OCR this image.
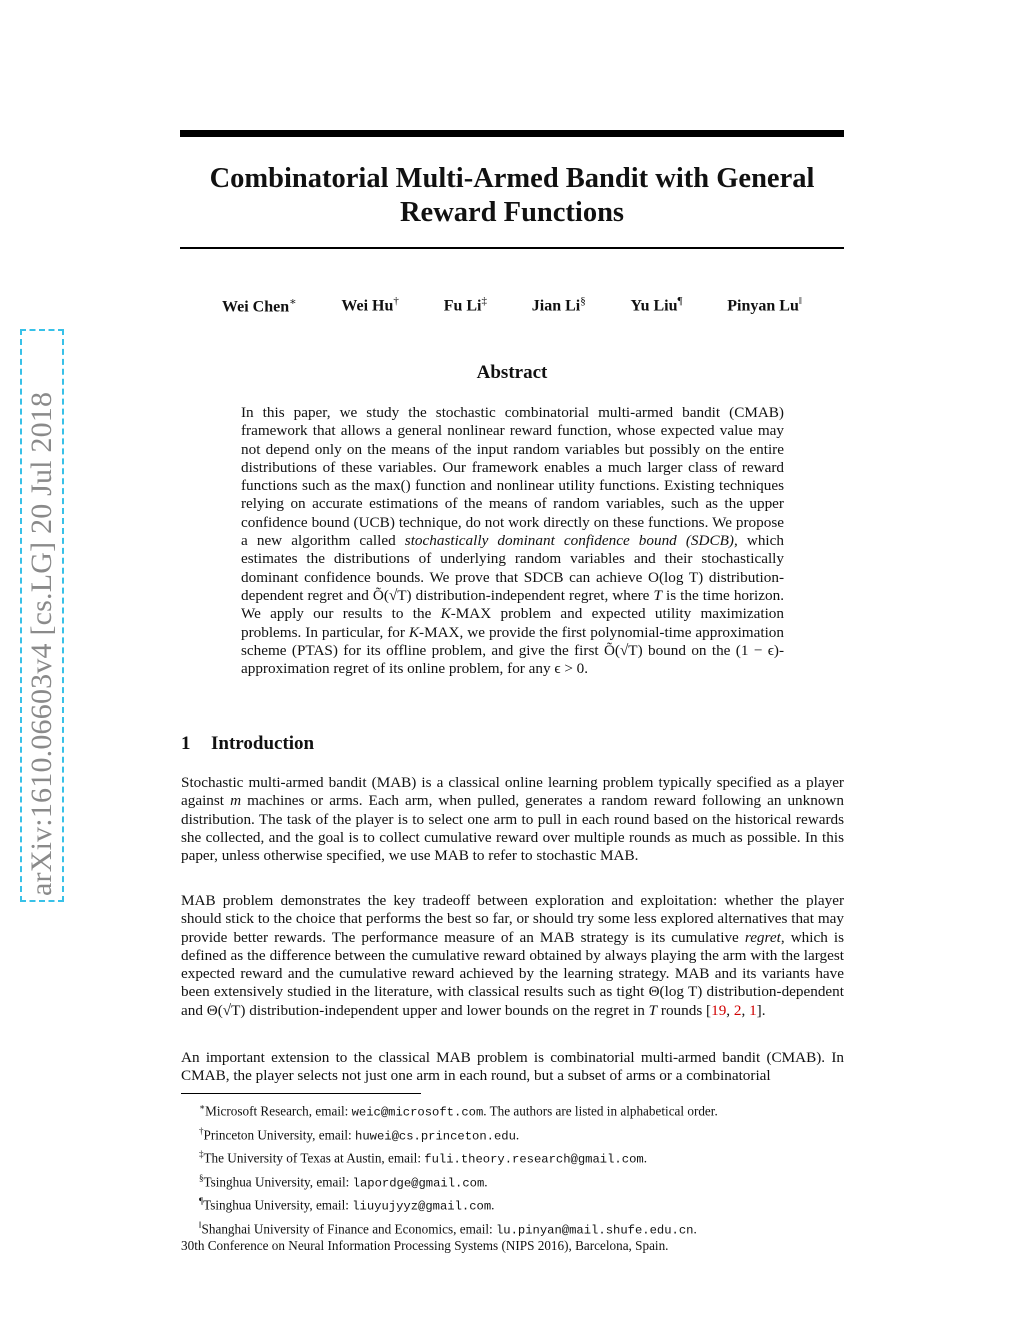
arXiv:1610.06603v4 [cs.LG] 20 Jul 2018
Combinatorial Multi-Armed Bandit with General Reward Functions
Wei Chen∗	Wei Hu†	Fu Li‡	Jian Li§	Yu Liu¶	Pinyan Lu‖
Abstract
In this paper, we study the stochastic combinatorial multi-armed bandit (CMAB) framework that allows a general nonlinear reward function, whose expected value may not depend only on the means of the input random variables but possibly on the entire distributions of these variables. Our framework enables a much larger class of reward functions such as the max() function and nonlinear utility functions. Existing techniques relying on accurate estimations of the means of random variables, such as the upper confidence bound (UCB) technique, do not work directly on these functions. We propose a new algorithm called stochastically dominant confidence bound (SDCB), which estimates the distributions of underlying random variables and their stochastically dominant confidence bounds. We prove that SDCB can achieve O(log T) distribution-dependent regret and Õ(√T) distribution-independent regret, where T is the time horizon. We apply our results to the K-MAX problem and expected utility maximization problems. In particular, for K-MAX, we provide the first polynomial-time approximation scheme (PTAS) for its offline problem, and give the first Õ(√T) bound on the (1 − ϵ)-approximation regret of its online problem, for any ϵ > 0.
1 Introduction
Stochastic multi-armed bandit (MAB) is a classical online learning problem typically specified as a player against m machines or arms. Each arm, when pulled, generates a random reward following an unknown distribution. The task of the player is to select one arm to pull in each round based on the historical rewards she collected, and the goal is to collect cumulative reward over multiple rounds as much as possible. In this paper, unless otherwise specified, we use MAB to refer to stochastic MAB.
MAB problem demonstrates the key tradeoff between exploration and exploitation: whether the player should stick to the choice that performs the best so far, or should try some less explored alternatives that may provide better rewards. The performance measure of an MAB strategy is its cumulative regret, which is defined as the difference between the cumulative reward obtained by always playing the arm with the largest expected reward and the cumulative reward achieved by the learning strategy. MAB and its variants have been extensively studied in the literature, with classical results such as tight Θ(log T) distribution-dependent and Θ(√T) distribution-independent upper and lower bounds on the regret in T rounds [19, 2, 1].
An important extension to the classical MAB problem is combinatorial multi-armed bandit (CMAB). In CMAB, the player selects not just one arm in each round, but a subset of arms or a combinatorial
∗Microsoft Research, email: weic@microsoft.com. The authors are listed in alphabetical order.
†Princeton University, email: huwei@cs.princeton.edu.
‡The University of Texas at Austin, email: fuli.theory.research@gmail.com.
§Tsinghua University, email: lapordge@gmail.com.
¶Tsinghua University, email: liuyujyyz@gmail.com.
‖Shanghai University of Finance and Economics, email: lu.pinyan@mail.shufe.edu.cn.
30th Conference on Neural Information Processing Systems (NIPS 2016), Barcelona, Spain.
